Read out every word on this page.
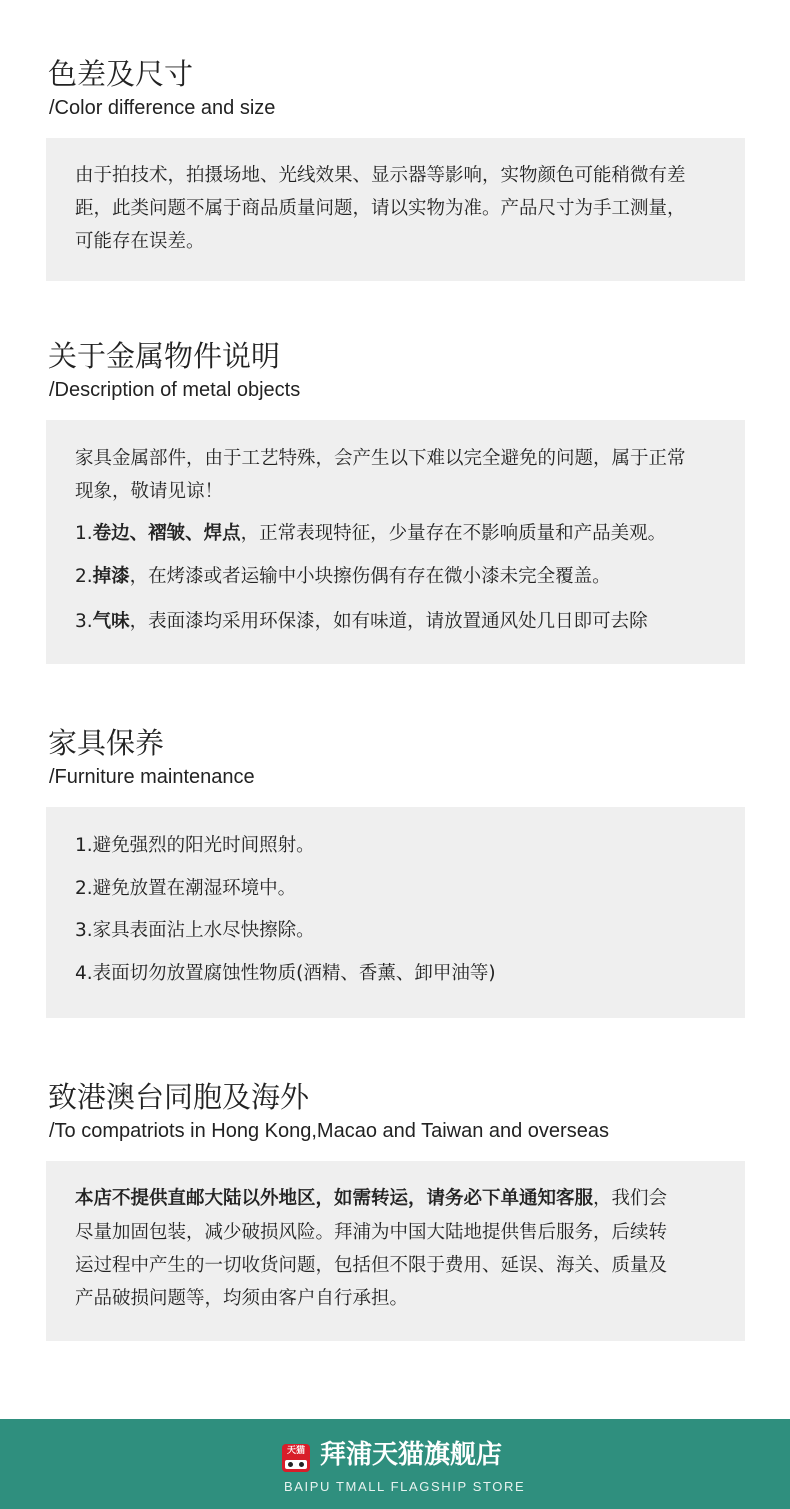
色差及尺寸
/Color difference and size
由于拍技术，拍摄场地、光线效果、显示器等影响，实物颜色可能稍微有差
距，此类问题不属于商品质量问题，请以实物为准。产品尺寸为手工测量，
可能存在误差。
关于金属物件说明
/Description of metal objects
家具金属部件，由于工艺特殊，会产生以下难以完全避免的问题，属于正常
现象，敬请见谅！
1.卷边、褶皱、焊点，正常表现特征，少量存在不影响质量和产品美观。
2.掉漆，在烤漆或者运输中小块擦伤偶有存在微小漆未完全覆盖。
3.气味，表面漆均采用环保漆，如有味道，请放置通风处几日即可去除
家具保养
/Furniture maintenance
1.避免强烈的阳光时间照射。
2.避免放置在潮湿环境中。
3.家具表面沾上水尽快擦除。
4.表面切勿放置腐蚀性物质(酒精、香薰、卸甲油等)
致港澳台同胞及海外
/To compatriots in Hong Kong,Macao and Taiwan and overseas
本店不提供直邮大陆以外地区，如需转运，请务必下单通知客服，我们会
尽量加固包装，减少破损风险。拜浦为中国大陆地提供售后服务，后续转
运过程中产生的一切收货问题，包括但不限于费用、延误、海关、质量及
产品破损问题等，均须由客户自行承担。
天猫 拜浦天猫旗舰店
BAIPU TMALL FLAGSHIP STORE
